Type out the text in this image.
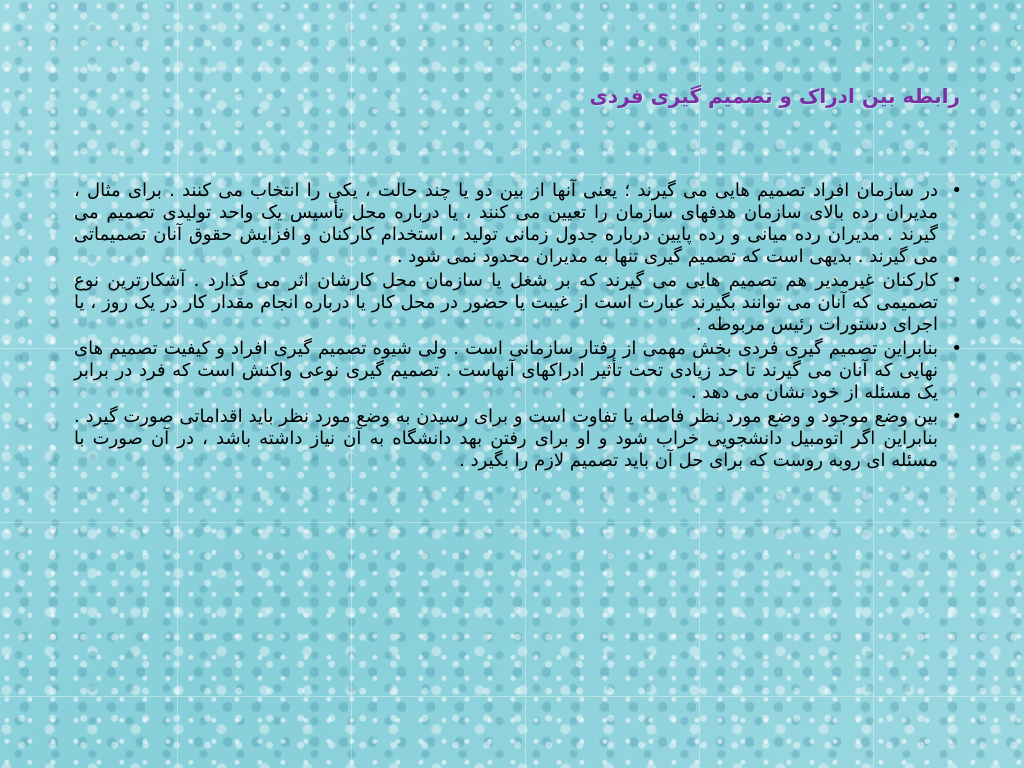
رابطه بین ادراک و تصمیم گیری فردی
•
در سازمان افراد تصمیم هایی می گیرند ؛ یعنی آنها از بین دو یا چند حالت ، یکی را انتخاب می کنند . برای مثال ، مدیران رده بالای سازمان هدفهای سازمان را تعیین می کنند ، یا درباره محل تأسیس یک واحد تولیدی تصمیم می گیرند . مدیران رده میانی و رده پایین درباره جدول زمانی تولید ، استخدام کارکنان و افزایش حقوق آنان تصمیماتی می گیرند . بدیهی است که تصمیم گیری تنها به مدیران محدود نمی شود .
•
کارکنان غیرمدیر هم تصمیم هایی می گیرند که بر شغل یا سازمان محل کارشان اثر می گذارد . آشکارترین نوع تصمیمی که آنان می توانند بگیرند عبارت است از غیبت یا حضور در محل کار یا درباره انجام مقدار کار در یک روز ، یا اجرای دستورات رئیس مربوطه .
•
بنابراین تصمیم گیری فردی بخش مهمی از رفتار سازمانی است . ولی شیوه تصمیم گیری افراد و کیفیت تصمیم های نهایی که آنان می گیرند تا حد زیادی تحت تأثیر ادراکهای آنهاست . تصمیم گیری نوعی واکنش است که فرد در برابر یک مسئله از خود نشان می دهد .
•
بین وضع موجود و وضع مورد نظر فاصله یا تفاوت است و برای رسیدن به وضع مورد نظر باید اقداماتی صورت گیرد . بنابراین اگر اتومبیل دانشجویی خراب شود و او برای رفتن بهد دانشگاه به آن نیاز داشته باشد ، در آن صورت با مسئله ای روبه روست که برای حل آن باید تصمیم لازم را بگیرد .
